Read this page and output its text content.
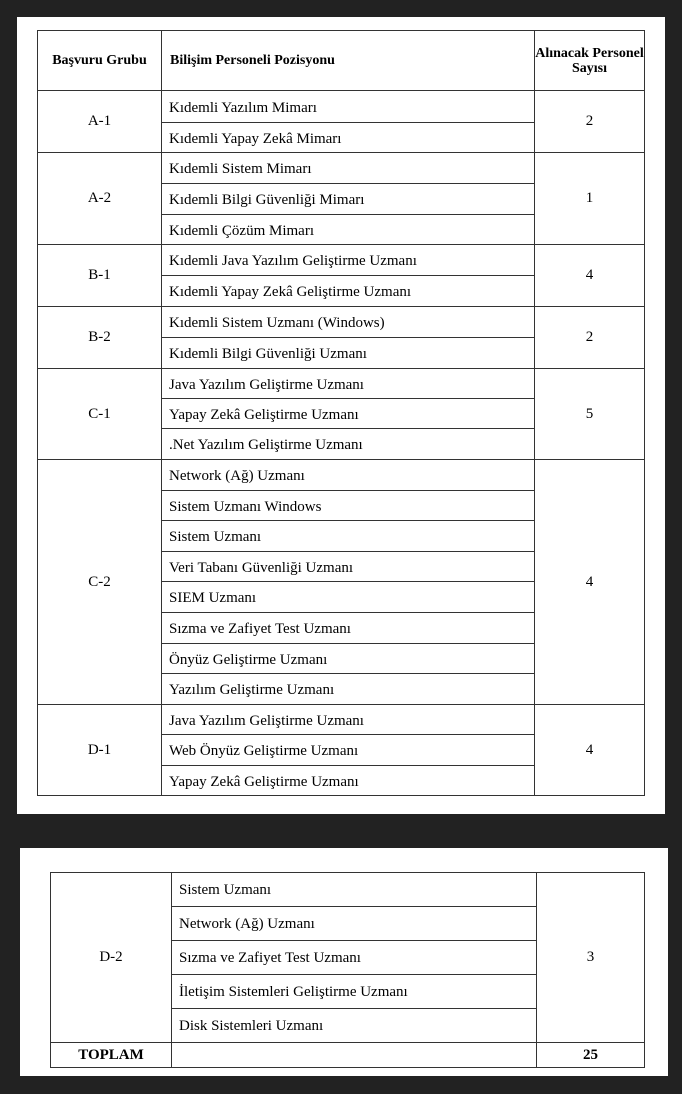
Başvuru Grubu	Bilişim Personeli Pozisyonu	Alınacak Personel Sayısı
A-1	Kıdemli Yazılım Mimarı	2
	Kıdemli Yapay Zekâ Mimarı	
A-2	Kıdemli Sistem Mimarı	1
	Kıdemli Bilgi Güvenliği Mimarı	
	Kıdemli Çözüm Mimarı	
B-1	Kıdemli Java Yazılım Geliştirme Uzmanı	4
	Kıdemli Yapay Zekâ Geliştirme Uzmanı	
B-2	Kıdemli Sistem Uzmanı (Windows)	2
	Kıdemli Bilgi Güvenliği Uzmanı	
C-1	Java Yazılım Geliştirme Uzmanı	5
	Yapay Zekâ Geliştirme Uzmanı	
	.Net Yazılım Geliştirme Uzmanı	
C-2	Network (Ağ) Uzmanı	4
	Sistem Uzmanı Windows	
	Sistem Uzmanı	
	Veri Tabanı Güvenliği Uzmanı	
	SIEM Uzmanı	
	Sızma ve Zafiyet Test Uzmanı	
	Önyüz Geliştirme Uzmanı	
	Yazılım Geliştirme Uzmanı	
D-1	Java Yazılım Geliştirme Uzmanı	4
	Web Önyüz Geliştirme Uzmanı	
	Yapay Zekâ Geliştirme Uzmanı	
D-2	Sistem Uzmanı	3
	Network (Ağ) Uzmanı	
	Sızma ve Zafiyet Test Uzmanı	
	İletişim Sistemleri Geliştirme Uzmanı	
	Disk Sistemleri Uzmanı	
TOPLAM		25
